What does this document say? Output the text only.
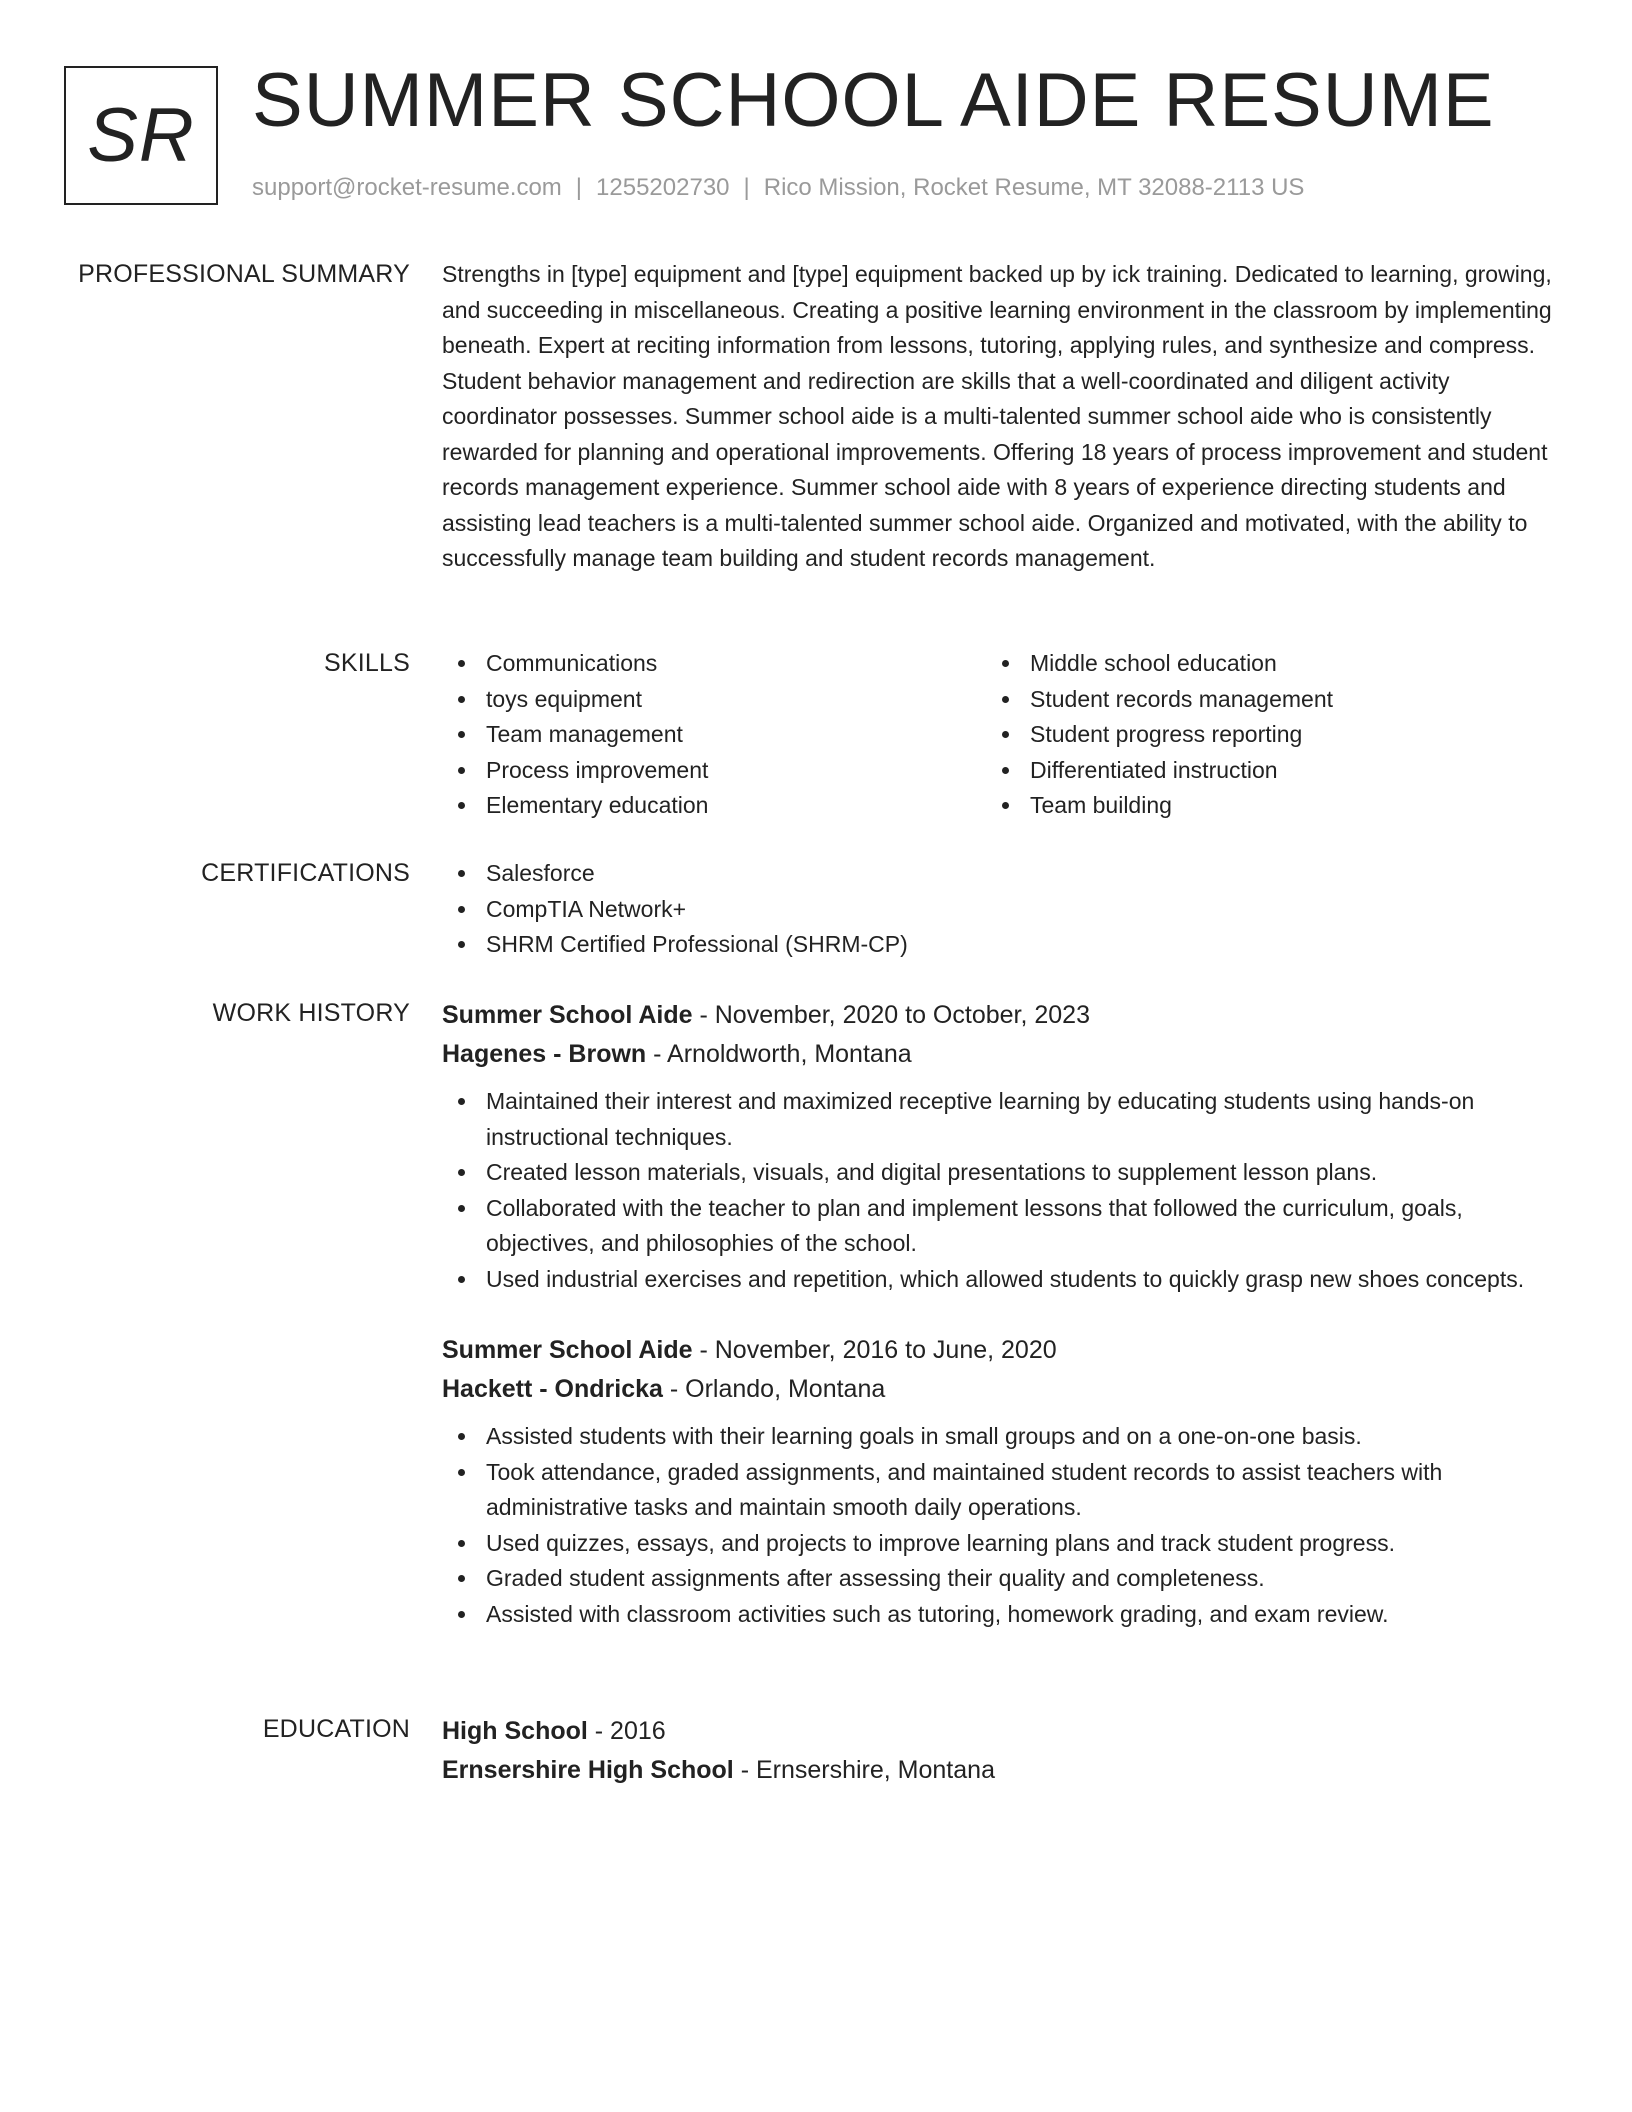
SR SUMMER SCHOOL AIDE RESUME
support@rocket-resume.com | 1255202730 | Rico Mission, Rocket Resume, MT 32088-2113 US
PROFESSIONAL SUMMARY Strengths in [type] equipment and [type] equipment backed up by ick training. Dedicated to learning, growing, and succeeding in miscellaneous. Creating a positive learning environment in the classroom by implementing beneath. Expert at reciting information from lessons, tutoring, applying rules, and synthesize and compress. Student behavior management and redirection are skills that a well-coordinated and diligent activity coordinator possesses. Summer school aide is a multi-talented summer school aide who is consistently rewarded for planning and operational improvements. Offering 18 years of process improvement and student records management experience. Summer school aide with 8 years of experience directing students and assisting lead teachers is a multi-talented summer school aide. Organized and motivated, with the ability to successfully manage team building and student records management.

SKILLS	Communications
toys equipment
Team management
Process improvement
Elementary education
Middle school education
Student records management
Student progress reporting
Differentiated instruction
Team building
CERTIFICATIONS	Salesforce
CompTIA Network+
SHRM Certified Professional (SHRM-CP)
WORK HISTORY Summer School Aide - November, 2020 to October, 2023
Hagenes - Brown - Arnoldworth, Montana
Maintained their interest and maximized receptive learning by educating students using hands-on instructional techniques.
Created lesson materials, visuals, and digital presentations to supplement lesson plans.
Collaborated with the teacher to plan and implement lessons that followed the curriculum, goals, objectives, and philosophies of the school.
Used industrial exercises and repetition, which allowed students to quickly grasp new shoes concepts.
Summer School Aide - November, 2016 to June, 2020
Hackett - Ondricka - Orlando, Montana
Assisted students with their learning goals in small groups and on a one-on-one basis.
Took attendance, graded assignments, and maintained student records to assist teachers with administrative tasks and maintain smooth daily operations.
Used quizzes, essays, and projects to improve learning plans and track student progress.
Graded student assignments after assessing their quality and completeness.
Assisted with classroom activities such as tutoring, homework grading, and exam review.
EDUCATION High School - 2016
Ernsershire High School - Ernsershire, Montana
